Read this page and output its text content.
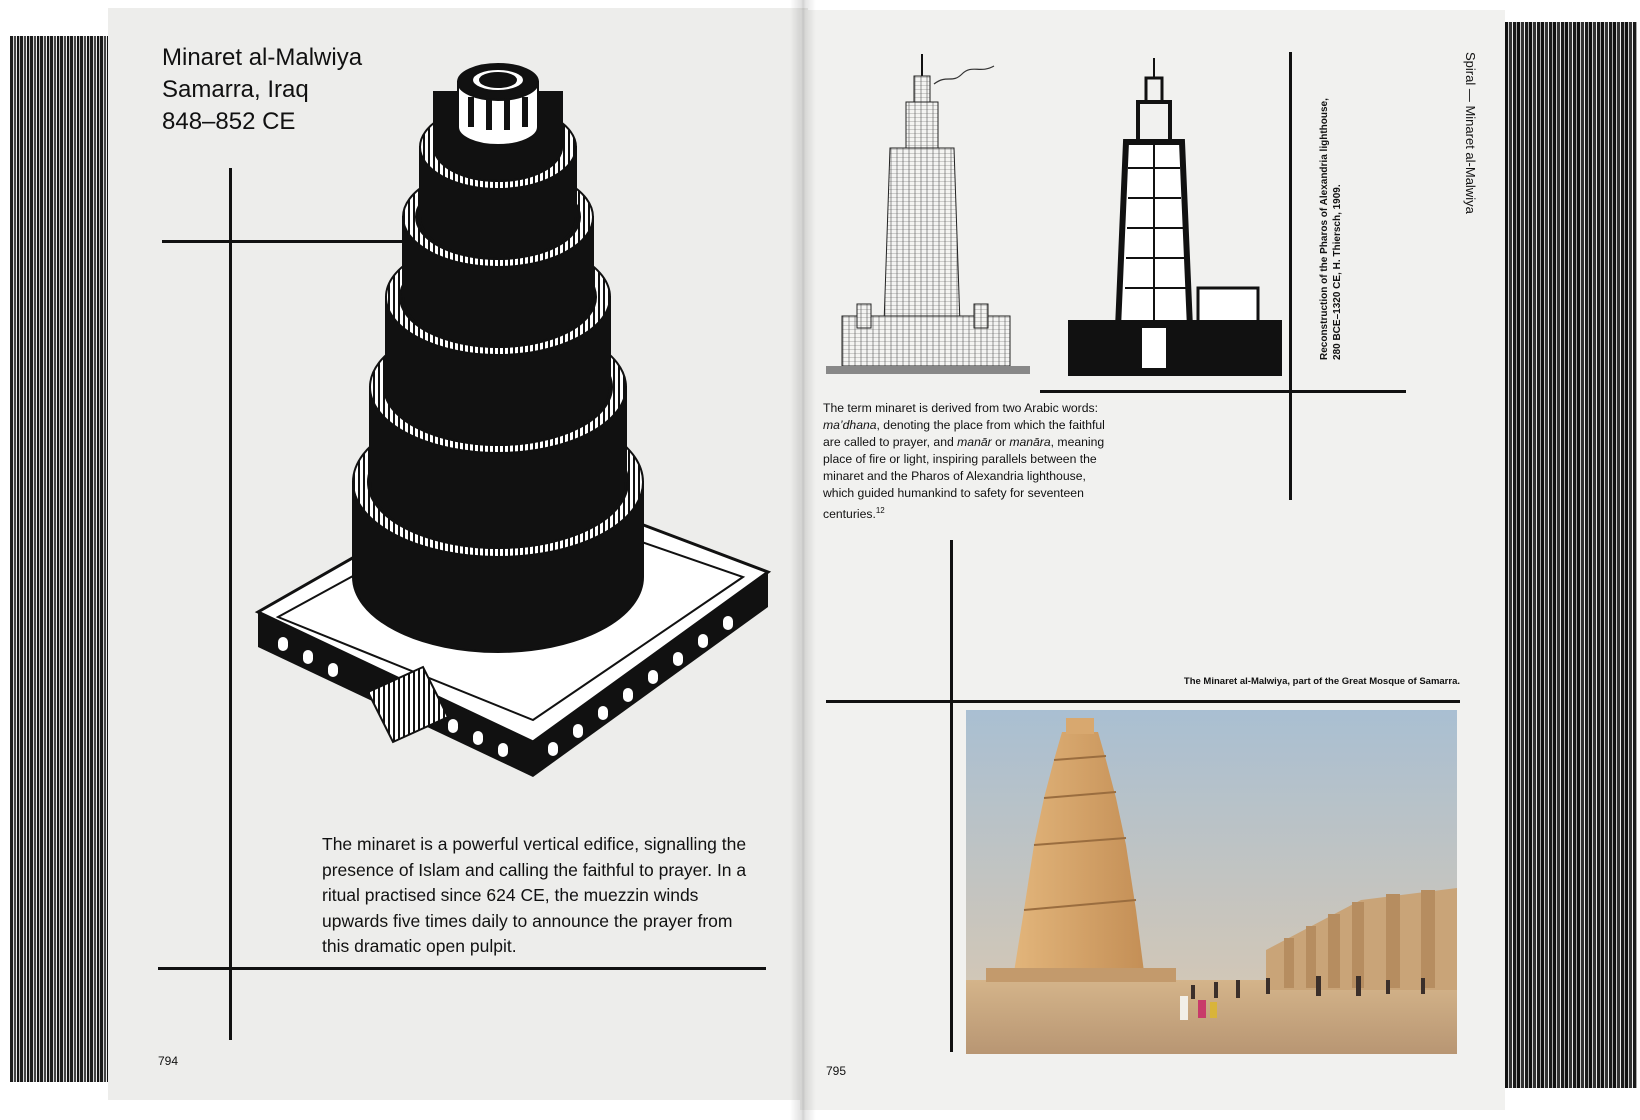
Minaret al-Malwiya
Samarra, Iraq
848–852 CE
The minaret is a powerful vertical edifice, signalling the presence of Islam and calling the faithful to prayer. In a ritual practised since 624 CE, the muezzin winds upwards five times daily to announce the prayer from this dramatic open pulpit.
794
Reconstruction of the Pharos of Alexandria lighthouse, 280 BCE–1320 CE, H. Thiersch, 1909.
Spiral — Minaret al-Malwiya
The term minaret is derived from two Arabic words: ma’dhana, denoting the place from which the faithful are called to prayer, and manār or manāra, meaning place of fire or light, inspiring parallels between the minaret and the Pharos of Alexandria lighthouse, which guided humankind to safety for seventeen centuries.$^{12}$
The Minaret al-Malwiya, part of the Great Mosque of Samarra.
795
